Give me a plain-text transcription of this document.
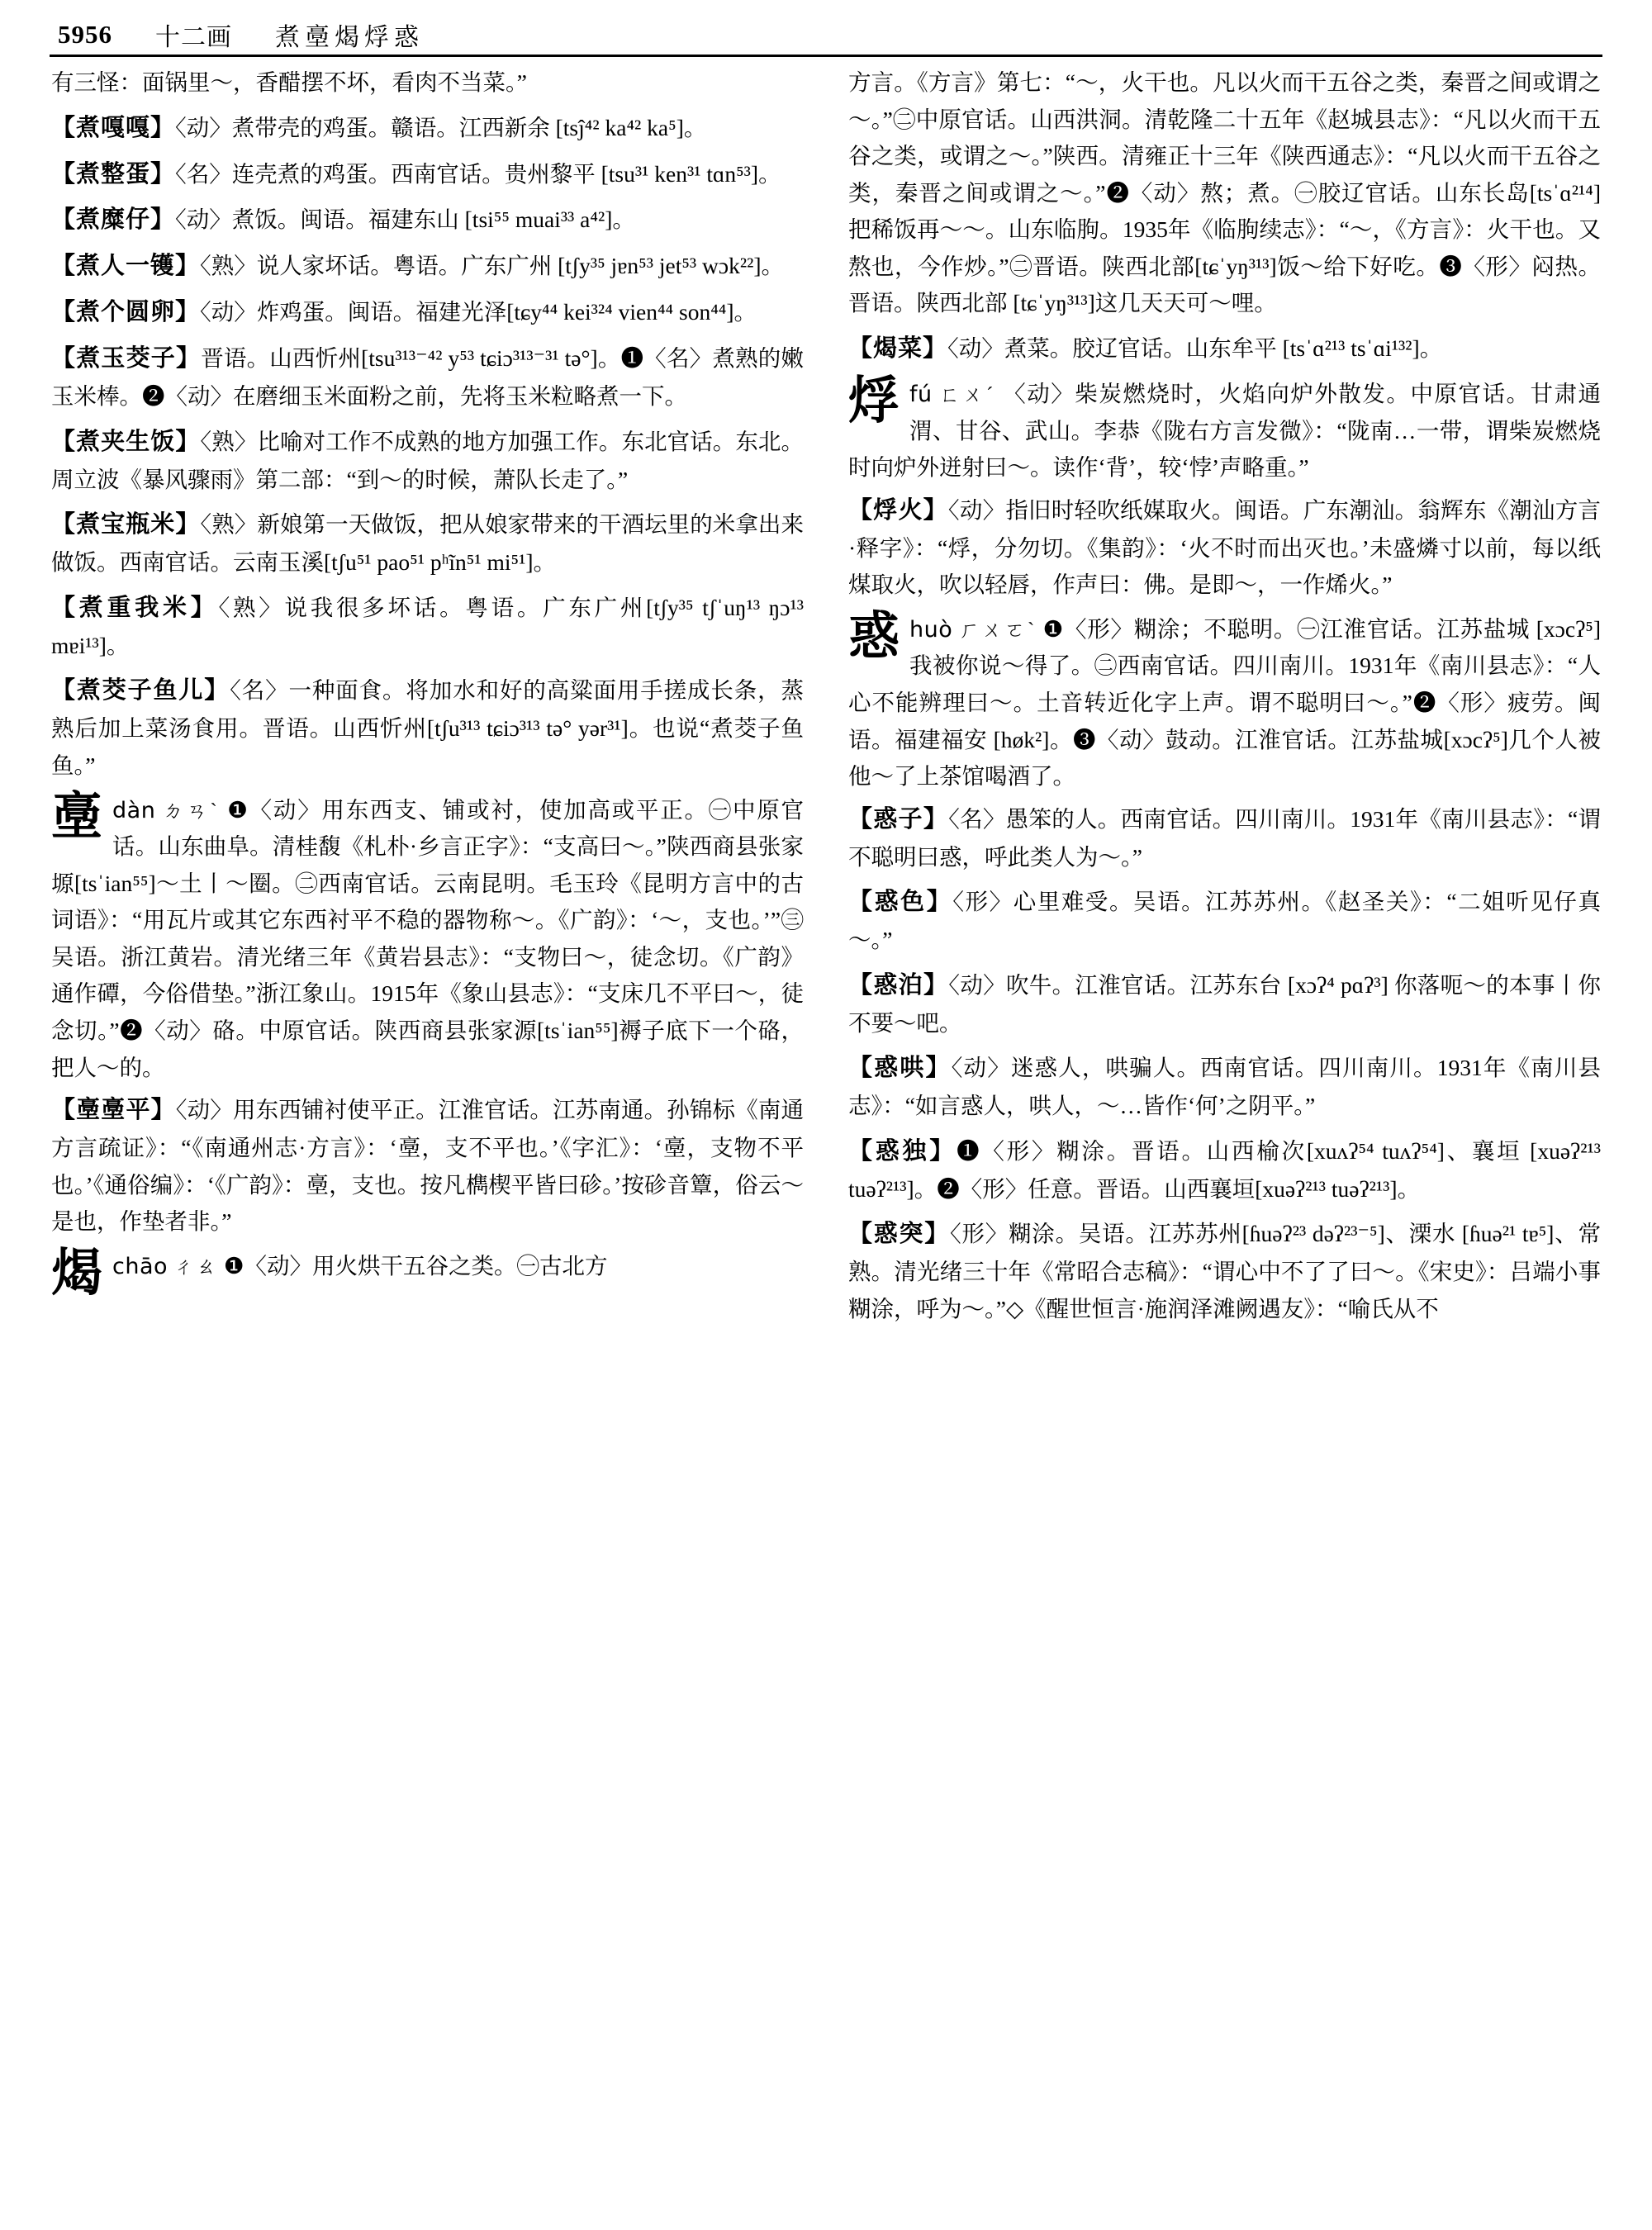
5956 十二画 煮㙜㷎烰惑
有三怪：面锅里～，香醋摆不坏，看肉不当菜。”
【煮嘎嘎】〈动〉煮带壳的鸡蛋。赣语。江西新余 [tsĵ⁴² ka⁴² ka⁵]。
【煮整蛋】〈名〉连壳煮的鸡蛋。西南官话。贵州黎平 [tsu³¹ ken³¹ tɑn⁵³]。
【煮糜仔】〈动〉煮饭。闽语。福建东山 [tsi⁵⁵ muai³³ a⁴²]。
【煮人一镬】〈熟〉说人家坏话。粤语。广东广州 [tʃy³⁵ jɐn⁵³ jet⁵³ wɔk²²]。
【煮个圆卵】〈动〉炸鸡蛋。闽语。福建光泽[tɕy⁴⁴ kei³²⁴ vien⁴⁴ son⁴⁴]。
【煮玉茭子】晋语。山西忻州[tsu³¹³⁻⁴² y⁵³ tɕiɔ³¹³⁻³¹ tə°]。❶〈名〉煮熟的嫩玉米棒。❷〈动〉在磨细玉米面粉之前，先将玉米粒略煮一下。
【煮夹生饭】〈熟〉比喻对工作不成熟的地方加强工作。东北官话。东北。周立波《暴风骤雨》第二部：“到～的时候，萧队长走了。”
【煮宝瓶米】〈熟〉新娘第一天做饭，把从娘家带来的干酒坛里的米拿出来做饭。西南官话。云南玉溪[tʃu⁵¹ pao⁵¹ pʰĩn⁵¹ mi⁵¹]。
【煮重我米】〈熟〉说我很多坏话。粤语。广东广州[tʃy³⁵ tʃˈuŋ¹³ ŋɔ¹³ mɐi¹³]。
【煮茭子鱼儿】〈名〉一种面食。将加水和好的高粱面用手搓成长条，蒸熟后加上菜汤食用。晋语。山西忻州[tʃu³¹³ tɕiɔ³¹³ tə° yər³¹]。也说“煮茭子鱼鱼。”
㙜 dàn ㄉㄢˋ ❶〈动〉用东西支、铺或衬，使加高或平正。㊀中原官话。山东曲阜。清桂馥《札朴·乡言正字》：“支高曰～。”陕西商县张家塬[tsˈian⁵⁵]～土丨～圈。㊁西南官话。云南昆明。毛玉玲《昆明方言中的古词语》：“用瓦片或其它东西衬平不稳的器物称～。《广韵》：‘～，支也。’”㊂吴语。浙江黄岩。清光绪三年《黄岩县志》：“支物曰～，徒念切。《广韵》通作磹，今俗借垫。”浙江象山。1915年《象山县志》：“支床几不平曰～，徒念切。”❷〈动〉硌。中原官话。陕西商县张家源[tsˈian⁵⁵]褥子底下一个硌，把人～的。
【㙜㙜平】〈动〉用东西铺衬使平正。江淮官话。江苏南通。孙锦标《南通方言疏证》：“《南通州志·方言》：‘㙜，支不平也。’《字汇》：‘㙜，支物不平也。’《通俗编》：‘《广韵》：㙜，支也。按凡檇楔平皆曰䂦。’按䂦音簟，俗云～是也，作垫者非。”
㷎 chāo ㄔㄠ ❶〈动〉用火烘干五谷之类。㊀古北方
方言。《方言》第七：“～，火干也。凡以火而干五谷之类，秦晋之间或谓之～。”㊁中原官话。山西洪洞。清乾隆二十五年《赵城县志》：“凡以火而干五谷之类，或谓之～。”陕西。清雍正十三年《陕西通志》：“凡以火而干五谷之类，秦晋之间或谓之～。”❷〈动〉熬；煮。㊀胶辽官话。山东长岛[tsˈɑ²¹⁴] 把稀饭再～～。山东临朐。1935年《临朐续志》：“～，《方言》：火干也。又熬也，今作炒。”㊁晋语。陕西北部[tɕˈyŋ³¹³]饭～给下好吃。❸〈形〉闷热。晋语。陕西北部 [tɕˈyŋ³¹³]这几天天可～哩。
【㷎菜】〈动〉煮菜。胶辽官话。山东牟平 [tsˈɑ²¹³ tsˈɑi¹³²]。
烰 fú ㄈㄨˊ 〈动〉柴炭燃烧时，火焰向炉外散发。中原官话。甘肃通渭、甘谷、武山。李恭《陇右方言发微》：“陇南…一带，谓柴炭燃烧时向炉外迸射曰～。读作‘背’，较‘悖’声略重。”
【烰火】〈动〉指旧时轻吹纸媒取火。闽语。广东潮汕。翁辉东《潮汕方言·释字》：“烰，分勿切。《集韵》：‘火不时而出灭也。’未盛燐寸以前，每以纸煤取火，吹以轻唇，作声曰：佛。是即～，一作烯火。”
惑 huò ㄏㄨㄛˋ ❶〈形〉糊涂；不聪明。㊀江淮官话。江苏盐城 [xɔcʔ⁵] 我被你说～得了。㊁西南官话。四川南川。1931年《南川县志》：“人心不能辨理曰～。土音转近化字上声。谓不聪明曰～。”❷〈形〉疲劳。闽语。福建福安 [høk²]。❸〈动〉鼓动。江淮官话。江苏盐城[xɔcʔ⁵]几个人被他～了上茶馆喝酒了。
【惑子】〈名〉愚笨的人。西南官话。四川南川。1931年《南川县志》：“谓不聪明曰惑，呼此类人为～。”
【惑色】〈形〉心里难受。吴语。江苏苏州。《赵圣关》：“二姐听见仔真～。”
【惑泊】〈动〉吹牛。江淮官话。江苏东台 [xɔʔ⁴ pɑʔ³] 你落呃～的本事丨你不要～吧。
【惑哄】〈动〉迷惑人，哄骗人。西南官话。四川南川。1931年《南川县志》：“如言惑人，哄人，～…皆作‘何’之阴平。”
【惑独】❶〈形〉糊涂。晋语。山西榆次[xuʌʔ⁵⁴ tuʌʔ⁵⁴]、襄垣 [xuəʔ²¹³ tuəʔ²¹³]。❷〈形〉任意。晋语。山西襄垣[xuəʔ²¹³ tuəʔ²¹³]。
【惑突】〈形〉糊涂。吴语。江苏苏州[ɦuəʔ²³ dəʔ²³⁻⁵]、溧水 [ɦuə²¹ tɐ⁵]、常熟。清光绪三十年《常昭合志稿》：“谓心中不了了曰～。《宋史》：吕端小事糊涂，呼为～。”◇《醒世恒言·施润泽滩阙遇友》：“喻氏从不
